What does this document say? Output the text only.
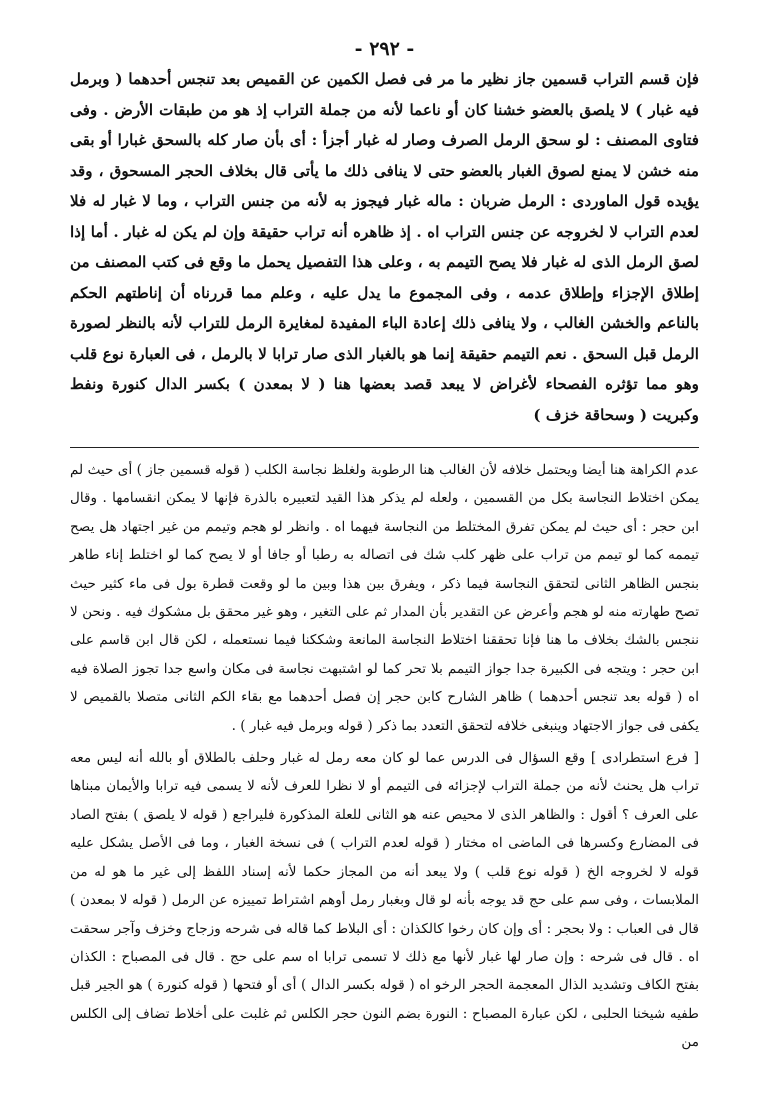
- ٢٩٢ -

فإن قسم التراب قسمين جاز نظير ما مر فى فصل الكمين عن القميص بعد تنجس أحدهما ( وبرمل فيه غبار ) لا يلصق بالعضو خشنا كان أو ناعما لأنه من جملة التراب إذ هو من طبقات الأرض . وفى فتاوى المصنف : لو سحق الرمل الصرف وصار له غبار أجزأ : أى بأن صار كله بالسحق غبارا أو بقى منه خشن لا يمنع لصوق الغبار بالعضو حتى لا ينافى ذلك ما يأتى قال بخلاف الحجر المسحوق ، وقد يؤيده قول الماوردى : الرمل ضربان : ماله غبار فيجوز به لأنه من جنس التراب ، وما لا غبار له فلا لعدم التراب لا لخروجه عن جنس التراب اه . إذ ظاهره أنه تراب حقيقة وإن لم يكن له غبار . أما إذا لصق الرمل الذى له غبار فلا يصح التيمم به ، وعلى هذا التفصيل يحمل ما وقع فى كتب المصنف من إطلاق الإجزاء وإطلاق عدمه ، وفى المجموع ما يدل عليه ، وعلم مما قررناه أن إناطتهم الحكم بالناعم والخشن الغالب ، ولا ينافى ذلك إعادة الباء المفيدة لمغايرة الرمل للتراب لأنه بالنظر لصورة الرمل قبل السحق . نعم التيمم حقيقة إنما هو بالغبار الذى صار ترابا لا بالرمل ، فى العبارة نوع قلب وهو مما تؤثره الفصحاء لأغراض لا يبعد قصد بعضها هنا ( لا بمعدن ) بكسر الدال كنورة ونفط وكبريت ( وسحاقة خزف )

عدم الكراهة هنا أيضا ويحتمل خلافه لأن الغالب هنا الرطوبة ولغلظ نجاسة الكلب ( قوله قسمين جاز ) أى حيث لم يمكن اختلاط النجاسة بكل من القسمين ، ولعله لم يذكر هذا القيد لتعبيره بالذرة فإنها لا يمكن انقسامها . وقال ابن حجر : أى حيث لم يمكن تفرق المختلط من النجاسة فيهما اه . وانظر لو هجم وتيمم من غير اجتهاد هل يصح تيممه كما لو تيمم من تراب على ظهر كلب شك فى اتصاله به رطبا أو جافا أو لا يصح كما لو اختلط إناء طاهر بنجس الظاهر الثانى لتحقق النجاسة فيما ذكر ، ويفرق بين هذا وبين ما لو وقعت قطرة بول فى ماء كثير حيث تصح طهارته منه لو هجم وأعرض عن التقدير بأن المدار ثم على التغير ، وهو غير محقق بل مشكوك فيه . ونحن لا ننجس بالشك بخلاف ما هنا فإنا تحققنا اختلاط النجاسة المانعة وشككنا فيما نستعمله ، لكن قال ابن قاسم على ابن حجر : ويتجه فى الكبيرة جدا جواز التيمم بلا تحر كما لو اشتبهت نجاسة فى مكان واسع جدا تجوز الصلاة فيه اه ( قوله بعد تنجس أحدهما ) ظاهر الشارح كابن حجر إن فصل أحدهما مع بقاء الكم الثانى متصلا بالقميص لا يكفى فى جواز الاجتهاد وينبغى خلافه لتحقق التعدد بما ذكر ( قوله وبرمل فيه غبار ) .

[ فرع استطرادى ] وقع السؤال فى الدرس عما لو كان معه رمل له غبار وحلف بالطلاق أو بالله أنه ليس معه تراب هل يحنث لأنه من جملة التراب لإجزائه فى التيمم أو لا نظرا للعرف لأنه لا يسمى فيه ترابا والأيمان مبناها على العرف ؟ أقول : والظاهر الذى لا محيص عنه هو الثانى للعلة المذكورة فليراجع ( قوله لا يلصق ) بفتح الصاد فى المضارع وكسرها فى الماضى اه مختار ( قوله لعدم التراب ) فى نسخة الغبار ، وما فى الأصل يشكل عليه قوله لا لخروجه الخ ( قوله نوع قلب ) ولا يبعد أنه من المجاز حكما لأنه إسناد اللفظ إلى غير ما هو له من الملابسات ، وفى سم على حج قد يوجه بأنه لو قال وبغبار رمل أوهم اشتراط تمييزه عن الرمل ( قوله لا بمعدن ) قال فى العباب : ولا بحجر : أى وإن كان رخوا كالكذان : أى البلاط كما قاله فى شرحه وزجاج وخزف وآجر سحقت اه . قال فى شرحه : وإن صار لها غبار لأنها مع ذلك لا تسمى ترابا اه سم على حج . قال فى المصباح : الكذان بفتح الكاف وتشديد الذال المعجمة الحجر الرخو اه ( قوله بكسر الدال ) أى أو فتحها ( قوله كنورة ) هو الجير قبل طفيه شيخنا الحلبى ، لكن عبارة المصباح : النورة بضم النون حجر الكلس ثم غلبت على أخلاط تضاف إلى الكلس من
